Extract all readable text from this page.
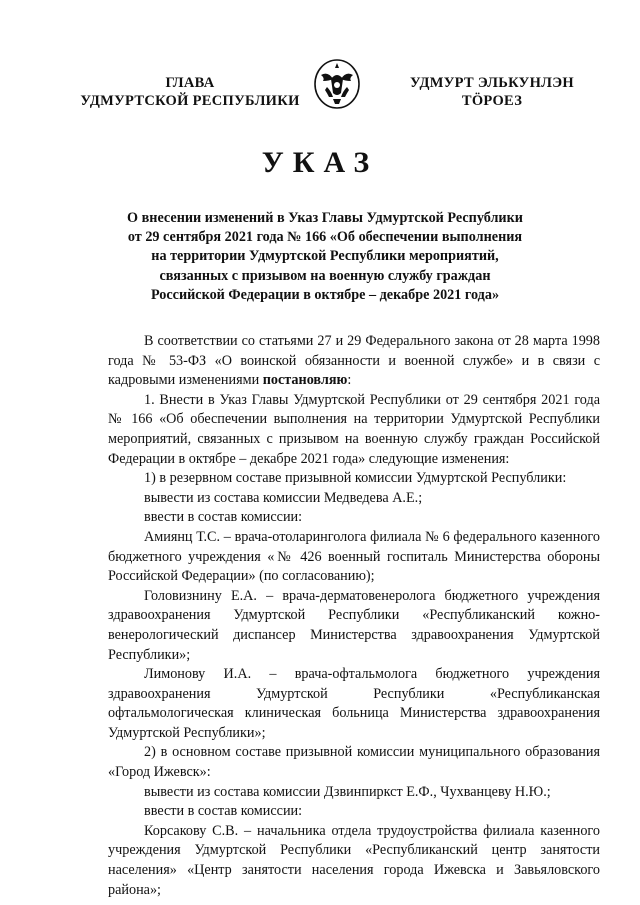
ГЛАВА
УДМУРТСКОЙ РЕСПУБЛИКИ
УДМУРТ ЭЛЬКУНЛЭН
ТӦРОЕЗ
УКАЗ
О внесении изменений в Указ Главы Удмуртской Республики
от 29 сентября 2021 года № 166 «Об обеспечении выполнения
на территории Удмуртской Республики мероприятий,
связанных с призывом на военную службу граждан
Российской Федерации в октябре – декабре 2021 года»

В соответствии со статьями 27 и 29 Федерального закона от 28 марта 1998 года № 53-ФЗ «О воинской обязанности и военной службе» и в связи с кадровыми изменениями постановляю:

1. Внести в Указ Главы Удмуртской Республики от 29 сентября 2021 года № 166 «Об обеспечении выполнения на территории Удмуртской Республики мероприятий, связанных с призывом на военную службу граждан Российской Федерации в октябре – декабре 2021 года» следующие изменения:

1) в резервном составе призывной комиссии Удмуртской Республики:

вывести из состава комиссии Медведева А.Е.;

ввести в состав комиссии:

Амиянц Т.С. – врача-отоларинголога филиала № 6 федерального казенного бюджетного учреждения «№ 426 военный госпиталь Министерства обороны Российской Федерации» (по согласованию);

Головизнину Е.А. – врача-дерматовенеролога бюджетного учреждения здравоохранения Удмуртской Республики «Республиканский кожно-венерологический диспансер Министерства здравоохранения Удмуртской Республики»;

Лимонову И.А. – врача-офтальмолога бюджетного учреждения здравоохранения Удмуртской Республики «Республиканская офтальмологическая клиническая больница Министерства здравоохранения Удмуртской Республики»;

2) в основном составе призывной комиссии муниципального образования «Город Ижевск»:

вывести из состава комиссии Дзвинпиркст Е.Ф., Чухванцеву Н.Ю.;

ввести в состав комиссии:

Корсакову С.В. – начальника отдела трудоустройства филиала казенного учреждения Удмуртской Республики «Республиканский центр занятости населения» «Центр занятости населения города Ижевска и Завьяловского района»;
